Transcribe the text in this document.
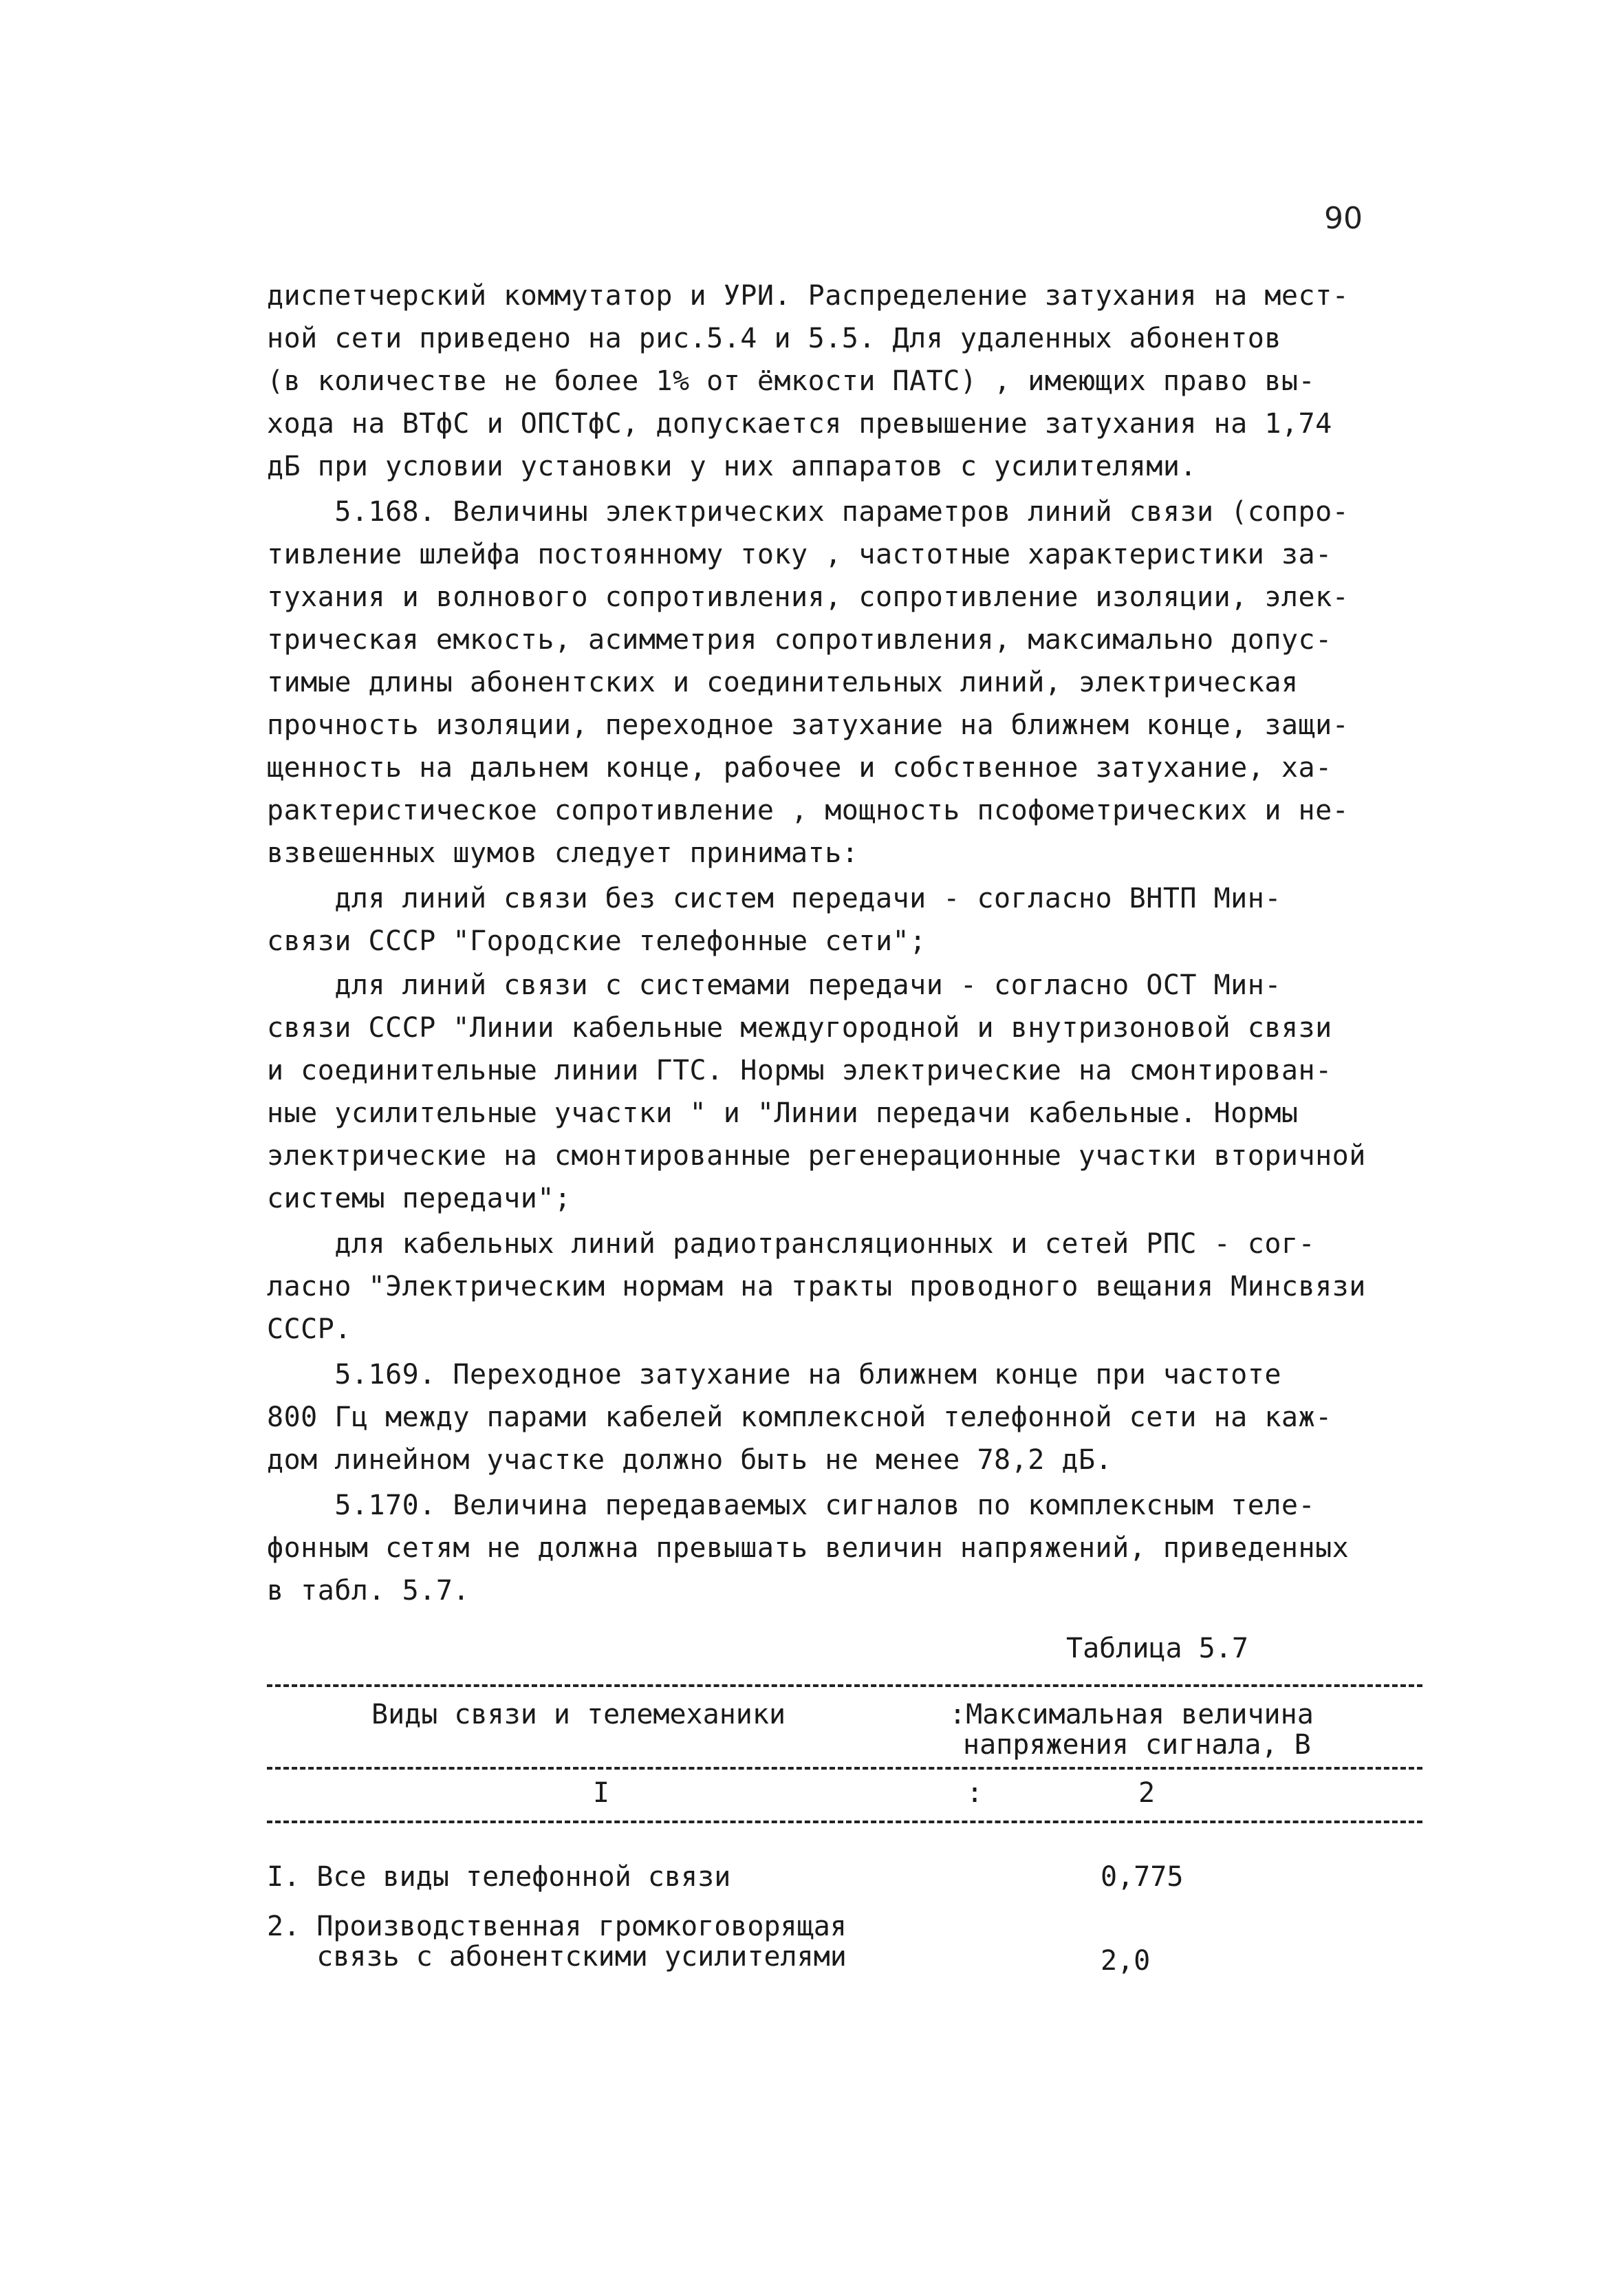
90
диспетчерский коммутатор и УРИ. Распределение затухания на мест-
ной сети приведено на рис.5.4 и 5.5. Для удаленных абонентов
(в количестве не более 1% от ёмкости ПАТС) , имеющих право вы-
хода на ВТфС и ОПСТфС, допускается превышение затухания на 1,74
дБ при условии установки у них аппаратов с усилителями.
5.168. Величины электрических параметров линий связи (сопро-
тивление шлейфа постоянному току , частотные характеристики за-
тухания и волнового сопротивления, сопротивление изоляции, элек-
трическая емкость, асимметрия сопротивления, максимально допус-
тимые длины абонентских и соединительных линий, электрическая
прочность изоляции, переходное затухание на ближнем конце, защи-
щенность на дальнем конце, рабочее и собственное затухание, ха-
рактеристическое сопротивление , мощность псофометрических и не-
взвешенных шумов следует принимать:
для линий связи без систем передачи - согласно ВНТП Мин-
связи СССР "Городские телефонные сети";
для линий связи с системами передачи - согласно ОСТ Мин-
связи СССР "Линии кабельные междугородной и внутризоновой связи
и соединительные линии ГТС. Нормы электрические на смонтирован-
ные усилительные участки " и "Линии передачи кабельные. Нормы
электрические на смонтированные регенерационные участки вторичной
системы передачи";
для кабельных линий радиотрансляционных и сетей РПС - сог-
ласно "Электрическим нормам на тракты проводного вещания Минсвязи
СССР.
5.169. Переходное затухание на ближнем конце при частоте
800 Гц между парами кабелей комплексной телефонной сети на каж-
дом линейном участке должно быть не менее 78,2 дБ.
5.170. Величина передаваемых сигналов по комплексным теле-
фонным сетям не должна превышать величин напряжений, приведенных
в табл. 5.7.
Таблица 5.7
Виды связи и телемеханики	:Максимальная величина
напряжения сигнала, В
I	:	2
I. Все виды телефонной связи	0,775
2. Производственная громкоговорящая
связь с абонентскими усилителями	2,0
